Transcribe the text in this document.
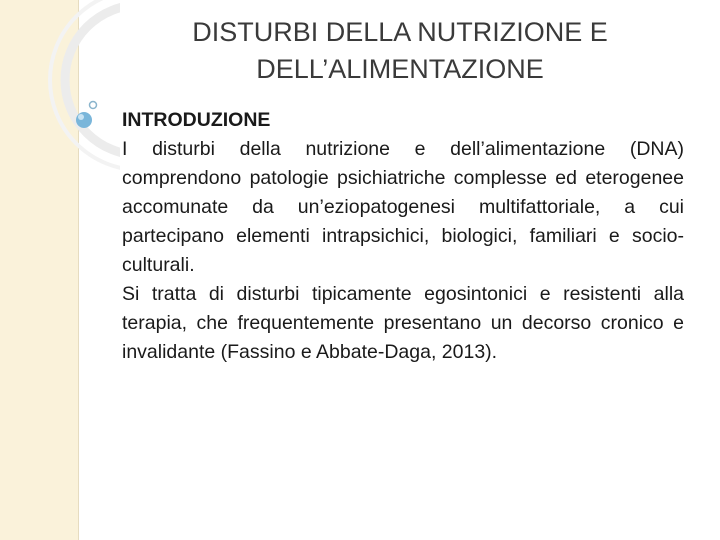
DISTURBI DELLA NUTRIZIONE E DELL’ALIMENTAZIONE

INTRODUZIONE

I disturbi della nutrizione e dell’alimentazione (DNA) comprendono patologie psichiatriche complesse ed eterogenee accomunate da un’eziopatogenesi multifattoriale, a cui partecipano elementi intrapsichici, biologici, familiari e socio-culturali.

Si tratta di disturbi tipicamente egosintonici e resistenti alla terapia, che frequentemente presentano un decorso cronico e invalidante (Fassino e Abbate-Daga, 2013).
